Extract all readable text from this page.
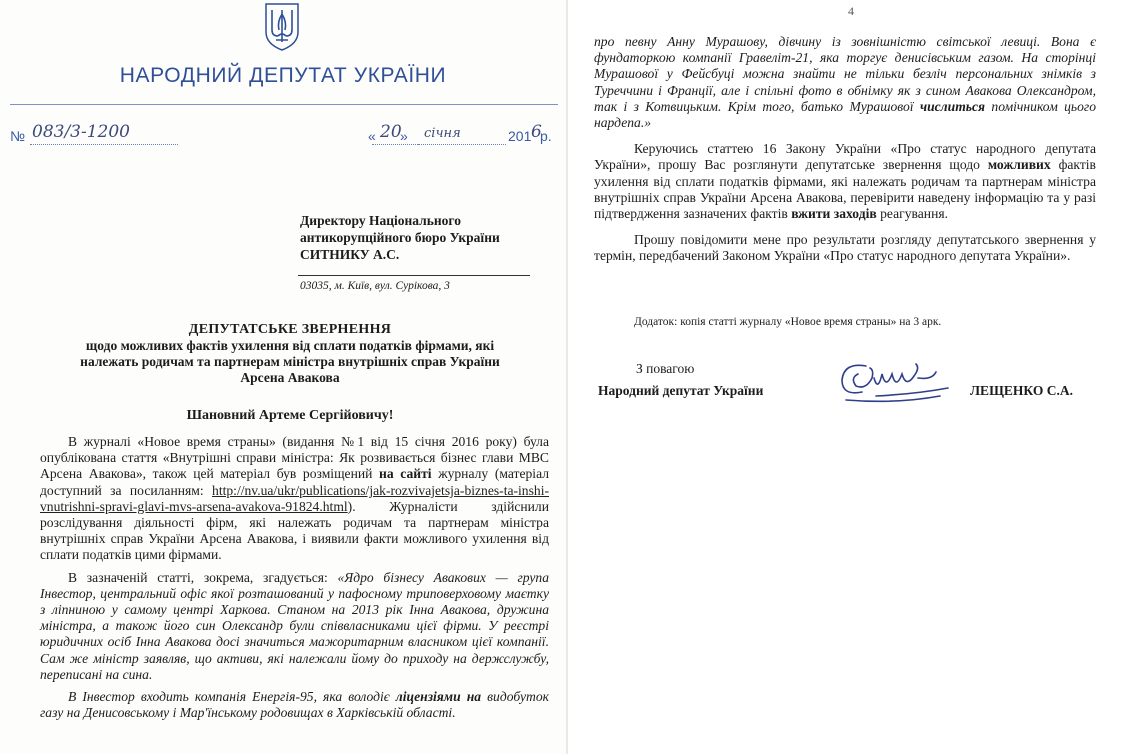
НАРОДНИЙ ДЕПУТАТ УКРАЇНИ
№ 083/3-1200	« 20
» січня	201 6
р.
Директору Національного
антикорупційного бюро України
СИТНИКУ А.С.
03035, м. Київ, вул. Сурікова, 3
ДЕПУТАТСЬКЕ ЗВЕРНЕННЯ
щодо можливих фактів ухилення від сплати податків фірмами, які
належать родичам та партнерам міністра внутрішніх справ України
Арсена Авакова
Шановний Артеме Сергійовичу!

В журналі «Новое время страны» (видання №1 від 15 січня 2016 року) була опублікована стаття «Внутрішні справи міністра: Як розвивається бізнес глави МВС Арсена Авакова», також цей матеріал був розміщений на сайті журналу (матеріал доступний за посиланням: http://nv.ua/ukr/publications/jak-rozvivajetsja-biznes-ta-inshi-vnutrishni-spravi-glavi-mvs-arsena-avakova-91824.html). Журналісти здійснили розслідування діяльності фірм, які належать родичам та партнерам міністра внутрішніх справ України Арсена Авакова, і виявили факти можливого ухилення від сплати податків цими фірмами.

В зазначеній статті, зокрема, згадується: «Ядро бізнесу Авакових — група Інвестор, центральний офіс якої розташований у пафосному триповерховому маєтку з ліпниною у самому центрі Харкова. Станом на 2013 рік Інна Авакова, дружина міністра, а також його син Олександр були співвласниками цієї фірми. У реєстрі юридичних осіб Інна Авакова досі значиться мажоритарним власником цієї компанії. Сам же міністр заявляв, що активи, які належали йому до приходу на держслужбу, переписані на сина.

В Інвестор входить компанія Енергія-95, яка володіє ліцензіями на видобуток газу на Денисовському і Мар'їнському родовищах в Харківській області.

4

про певну Анну Мурашову, дівчину із зовнішністю світської левиці. Вона є фундаторкою компанії Гравеліт-21, яка торгує денисівським газом. На сторінці Мурашової у Фейсбуці можна знайти не тільки безліч персональних знімків з Туреччини і Франції, але і спільні фото в обнімку як з сином Авакова Олександром, так і з Котвицьким. Крім того, батько Мурашової числиться помічником цього нардепа.»

Керуючись статтею 16 Закону України «Про статус народного депутата України», прошу Вас розглянути депутатське звернення щодо можливих фактів ухилення від сплати податків фірмами, які належать родичам та партнерам міністра внутрішніх справ України Арсена Авакова, перевірити наведену інформацію та у разі підтвердження зазначених фактів вжити заходів реагування.

Прошу повідомити мене про результати розгляду депутатського звернення у термін, передбачений Законом України «Про статус народного депутата України».

Додаток: копія статті журналу «Новое время страны» на 3 арк.
З повагою
Народний депутат України	ЛЕЩЕНКО С.А.
